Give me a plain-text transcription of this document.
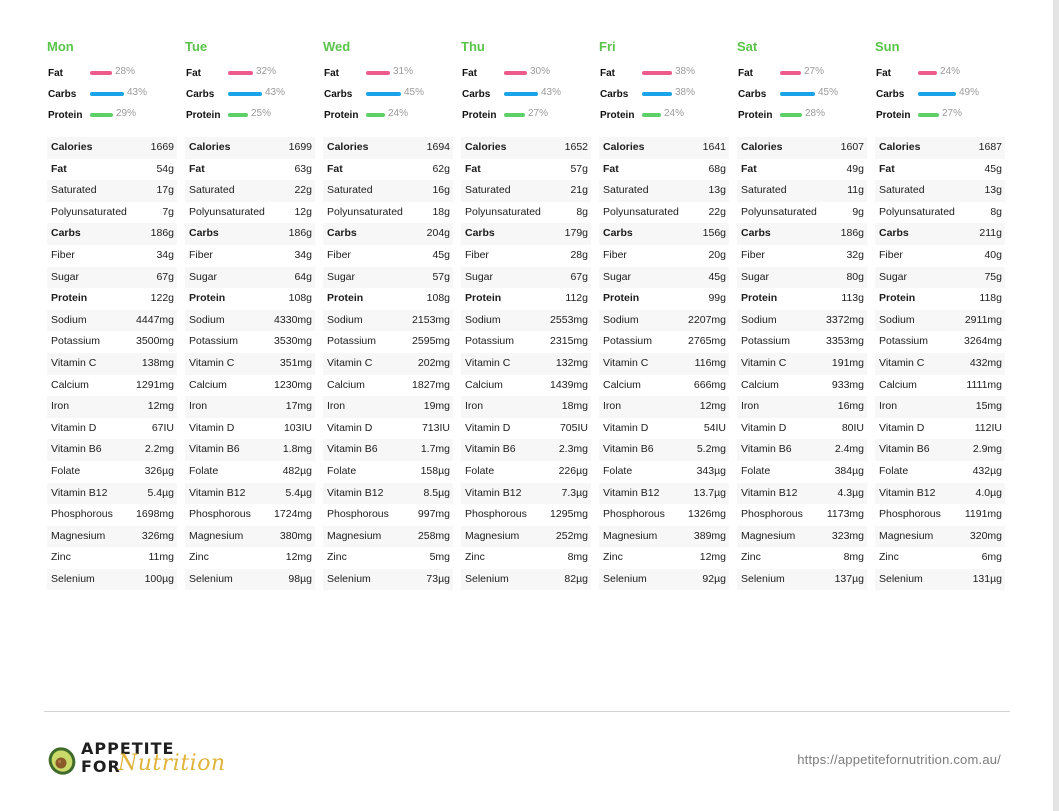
Mon
Fat	28%
Carbs	43%
Protein	29%
Calories	1669
Fat	54g
Saturated	17g
Polyunsaturated	7g
Carbs	186g
Fiber	34g
Sugar	67g
Protein	122g
Sodium	4447mg
Potassium	3500mg
Vitamin C	138mg
Calcium	1291mg
Iron	12mg
Vitamin D	67IU
Vitamin B6	2.2mg
Folate	326µg
Vitamin B12	5.4µg
Phosphorous 1698mg
Magnesium	326mg
Zinc	11mg
Selenium	100µg
Tue
Fat	32%
Carbs	43%
Protein	25%
Calories	1699
Fat	63g
Saturated	22g
Polyunsaturated	12g
Carbs	186g
Fiber	34g
Sugar	64g
Protein	108g
Sodium	4330mg
Potassium	3530mg
Vitamin C	351mg
Calcium	1230mg
Iron	17mg
Vitamin D	103IU
Vitamin B6	1.8mg
Folate	482µg
Vitamin B12	5.4µg
Phosphorous 1724mg
Magnesium	380mg
Zinc	12mg
Selenium	98µg
Wed
Fat	31%
Carbs	45%
Protein	24%
Calories	1694
Fat	62g
Saturated	16g
Polyunsaturated	18g
Carbs	204g
Fiber	45g
Sugar	57g
Protein	108g
Sodium	2153mg
Potassium	2595mg
Vitamin C	202mg
Calcium	1827mg
Iron	19mg
Vitamin D	713IU
Vitamin B6	1.7mg
Folate	158µg
Vitamin B12	8.5µg
Phosphorous	997mg
Magnesium	258mg
Zinc	5mg
Selenium	73µg
Thu
Fat	30%
Carbs	43%
Protein	27%
Calories	1652
Fat	57g
Saturated	21g
Polyunsaturated	8g
Carbs	179g
Fiber	28g
Sugar	67g
Protein	112g
Sodium	2553mg
Potassium	2315mg
Vitamin C	132mg
Calcium	1439mg
Iron	18mg
Vitamin D	705IU
Vitamin B6	2.3mg
Folate	226µg
Vitamin B12	7.3µg
Phosphorous 1295mg
Magnesium	252mg
Zinc	8mg
Selenium	82µg
Fri
Fat	38%
Carbs	38%
Protein	24%
Calories	1641
Fat	68g
Saturated	13g
Polyunsaturated	22g
Carbs	156g
Fiber	20g
Sugar	45g
Protein	99g
Sodium	2207mg
Potassium	2765mg
Vitamin C	116mg
Calcium	666mg
Iron	12mg
Vitamin D	54IU
Vitamin B6	5.2mg
Folate	343µg
Vitamin B12	13.7µg
Phosphorous 1326mg
Magnesium	389mg
Zinc	12mg
Selenium	92µg
Sat
Fat	27%
Carbs	45%
Protein	28%
Calories	1607
Fat	49g
Saturated	11g
Polyunsaturated	9g
Carbs	186g
Fiber	32g
Sugar	80g
Protein	113g
Sodium	3372mg
Potassium	3353mg
Vitamin C	191mg
Calcium	933mg
Iron	16mg
Vitamin D	80IU
Vitamin B6	2.4mg
Folate	384µg
Vitamin B12	4.3µg
Phosphorous 1173mg
Magnesium	323mg
Zinc	8mg
Selenium	137µg
Sun
Fat	24%
Carbs	49%
Protein	27%
Calories	1687
Fat	45g
Saturated	13g
Polyunsaturated	8g
Carbs	211g
Fiber	40g
Sugar	75g
Protein	118g
Sodium	2911mg
Potassium	3264mg
Vitamin C	432mg
Calcium	1111mg
Iron	15mg
Vitamin D	112IU
Vitamin B6	2.9mg
Folate	432µg
Vitamin B12	4.0µg
Phosphorous 1191mg
Magnesium	320mg
Zinc	6mg
Selenium	131µg
APPETITE
FOR
Nutrition	https://appetitefornutrition.com.au/
